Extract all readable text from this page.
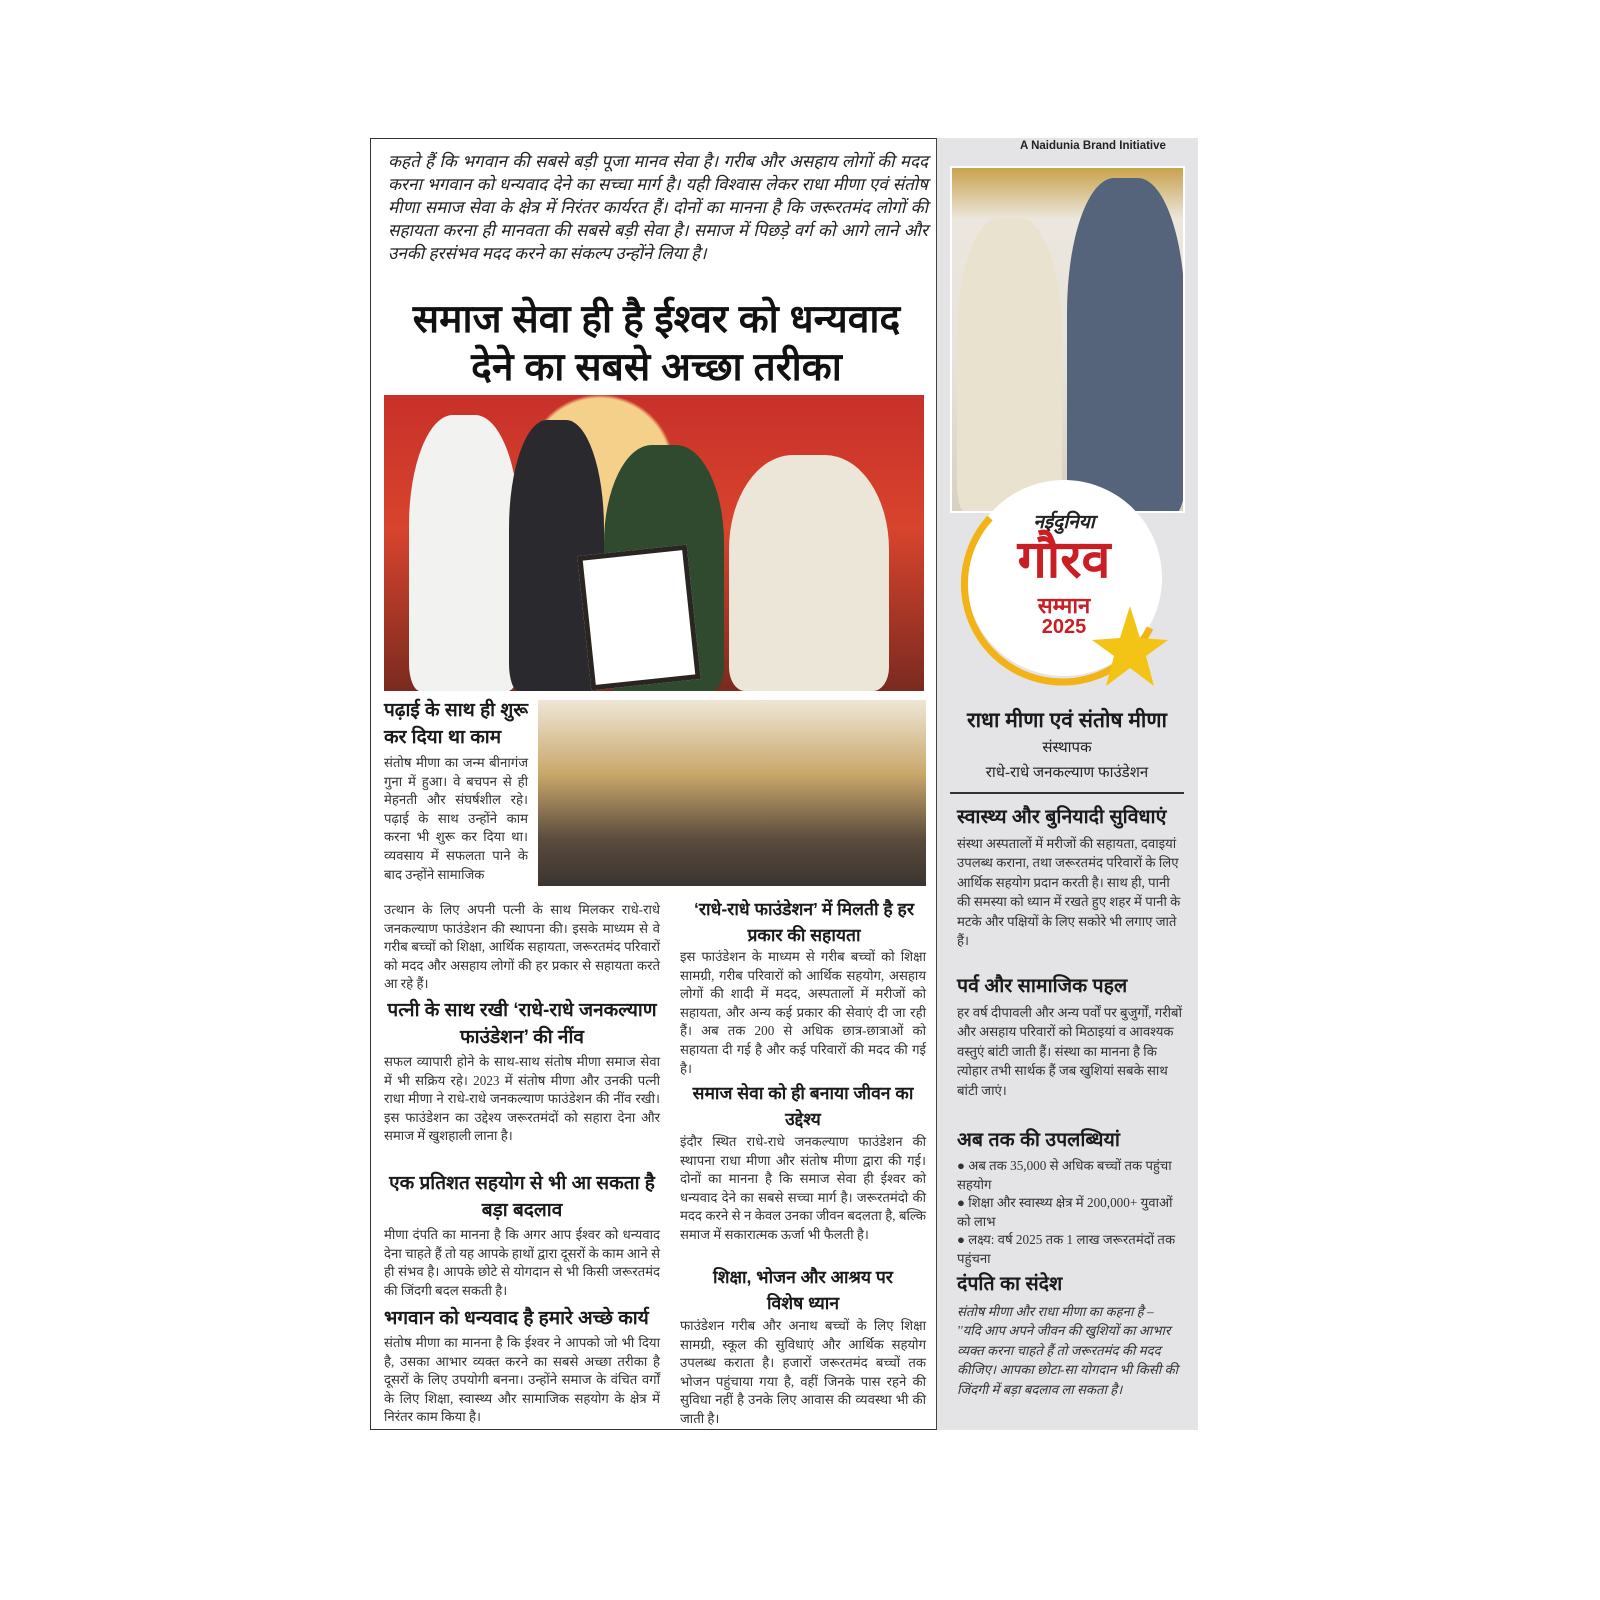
कहते हैं कि भगवान की सबसे बड़ी पूजा मानव सेवा है। गरीब और असहाय लोगों की मदद करना भगवान को धन्यवाद देने का सच्चा मार्ग है। यही विश्वास लेकर राधा मीणा एवं संतोष मीणा समाज सेवा के क्षेत्र में निरंतर कार्यरत हैं। दोनों का मानना है कि जरूरतमंद लोगों की सहायता करना ही मानवता की सबसे बड़ी सेवा है। समाज में पिछड़े वर्ग को आगे लाने और उनकी हरसंभव मदद करने का संकल्प उन्होंने लिया है।
समाज सेवा ही है ईश्वर को धन्यवाद
देने का सबसे अच्छा तरीका
पढ़ाई के साथ ही शुरू कर दिया था काम
संतोष मीणा का जन्म बीनागंज गुना में हुआ। वे बचपन से ही मेहनती और संघर्षशील रहे। पढ़ाई के साथ उन्होंने काम करना भी शुरू कर दिया था। व्यवसाय में सफलता पाने के बाद उन्होंने सामाजिक
उत्थान के लिए अपनी पत्नी के साथ मिलकर राधे-राधे जनकल्याण फाउंडेशन की स्थापना की। इसके माध्यम से वे गरीब बच्चों को शिक्षा, आर्थिक सहायता, जरूरतमंद परिवारों को मदद और असहाय लोगों की हर प्रकार से सहायता करते आ रहे हैं।
पत्नी के साथ रखी ‘राधे-राधे जनकल्याण फाउंडेशन’ की नींव
सफल व्यापारी होने के साथ-साथ संतोष मीणा समाज सेवा में भी सक्रिय रहे। 2023 में संतोष मीणा और उनकी पत्नी राधा मीणा ने राधे-राधे जनकल्याण फाउंडेशन की नींव रखी। इस फाउंडेशन का उद्देश्य जरूरतमंदों को सहारा देना और समाज में खुशहाली लाना है।
एक प्रतिशत सहयोग से भी आ सकता है बड़ा बदलाव
मीणा दंपति का मानना है कि अगर आप ईश्वर को धन्यवाद देना चाहते हैं तो यह आपके हाथों द्वारा दूसरों के काम आने से ही संभव है। आपके छोटे से योगदान से भी किसी जरूरतमंद की जिंदगी बदल सकती है।
भगवान को धन्यवाद है हमारे अच्छे कार्य
संतोष मीणा का मानना है कि ईश्वर ने आपको जो भी दिया है, उसका आभार व्यक्त करने का सबसे अच्छा तरीका है दूसरों के लिए उपयोगी बनना। उन्होंने समाज के वंचित वर्गों के लिए शिक्षा, स्वास्थ्य और सामाजिक सहयोग के क्षेत्र में निरंतर काम किया है।
‘राधे-राधे फाउंडेशन’ में मिलती है हर प्रकार की सहायता
इस फाउंडेशन के माध्यम से गरीब बच्चों को शिक्षा सामग्री, गरीब परिवारों को आर्थिक सहयोग, असहाय लोगों की शादी में मदद, अस्पतालों में मरीजों को सहायता, और अन्य कई प्रकार की सेवाएं दी जा रही हैं। अब तक 200 से अधिक छात्र-छात्राओं को सहायता दी गई है और कई परिवारों की मदद की गई है।
समाज सेवा को ही बनाया जीवन का उद्देश्य
इंदौर स्थित राधे-राधे जनकल्याण फाउंडेशन की स्थापना राधा मीणा और संतोष मीणा द्वारा की गई। दोनों का मानना है कि समाज सेवा ही ईश्वर को धन्यवाद देने का सबसे सच्चा मार्ग है। जरूरतमंदो की मदद करने से न केवल उनका जीवन बदलता है, बल्कि समाज में सकारात्मक ऊर्जा भी फैलती है।
शिक्षा, भोजन और आश्रय पर विशेष ध्यान
फाउंडेशन गरीब और अनाथ बच्चों के लिए शिक्षा सामग्री, स्कूल की सुविधाएं और आर्थिक सहयोग उपलब्ध कराता है। हजारों जरूरतमंद बच्चों तक भोजन पहुंचाया गया है, वहीं जिनके पास रहने की सुविधा नहीं है उनके लिए आवास की व्यवस्था भी की जाती है।
A Naidunia Brand Initiative
नईदुनिया
गौरव
सम्मान
2025
राधा मीणा एवं संतोष मीणा
संस्थापक
राधे-राधे जनकल्याण फाउंडेशन
स्वास्थ्य और बुनियादी सुविधाएं
संस्था अस्पतालों में मरीजों की सहायता, दवाइयां उपलब्ध कराना, तथा जरूरतमंद परिवारों के लिए आर्थिक सहयोग प्रदान करती है। साथ ही, पानी की समस्या को ध्यान में रखते हुए शहर में पानी के मटके और पक्षियों के लिए सकोरे भी लगाए जाते हैं।
पर्व और सामाजिक पहल
हर वर्ष दीपावली और अन्य पर्वों पर बुजुर्गों, गरीबों और असहाय परिवारों को मिठाइयां व आवश्यक वस्तुएं बांटी जाती हैं। संस्था का मानना है कि त्योहार तभी सार्थक हैं जब खुशियां सबके साथ बांटी जाएं।
अब तक की उपलब्धियां
● अब तक 35,000 से अधिक बच्चों तक पहुंचा सहयोग
● शिक्षा और स्वास्थ्य क्षेत्र में 200,000+ युवाओं को लाभ
● लक्ष्य: वर्ष 2025 तक 1 लाख जरूरतमंदों तक पहुंचना
दंपति का संदेश
संतोष मीणा और राधा मीणा का कहना है – ''यदि आप अपने जीवन की खुशियों का आभार व्यक्त करना चाहते हैं तो जरूरतमंद की मदद कीजिए। आपका छोटा-सा योगदान भी किसी की जिंदगी में बड़ा बदलाव ला सकता है।
